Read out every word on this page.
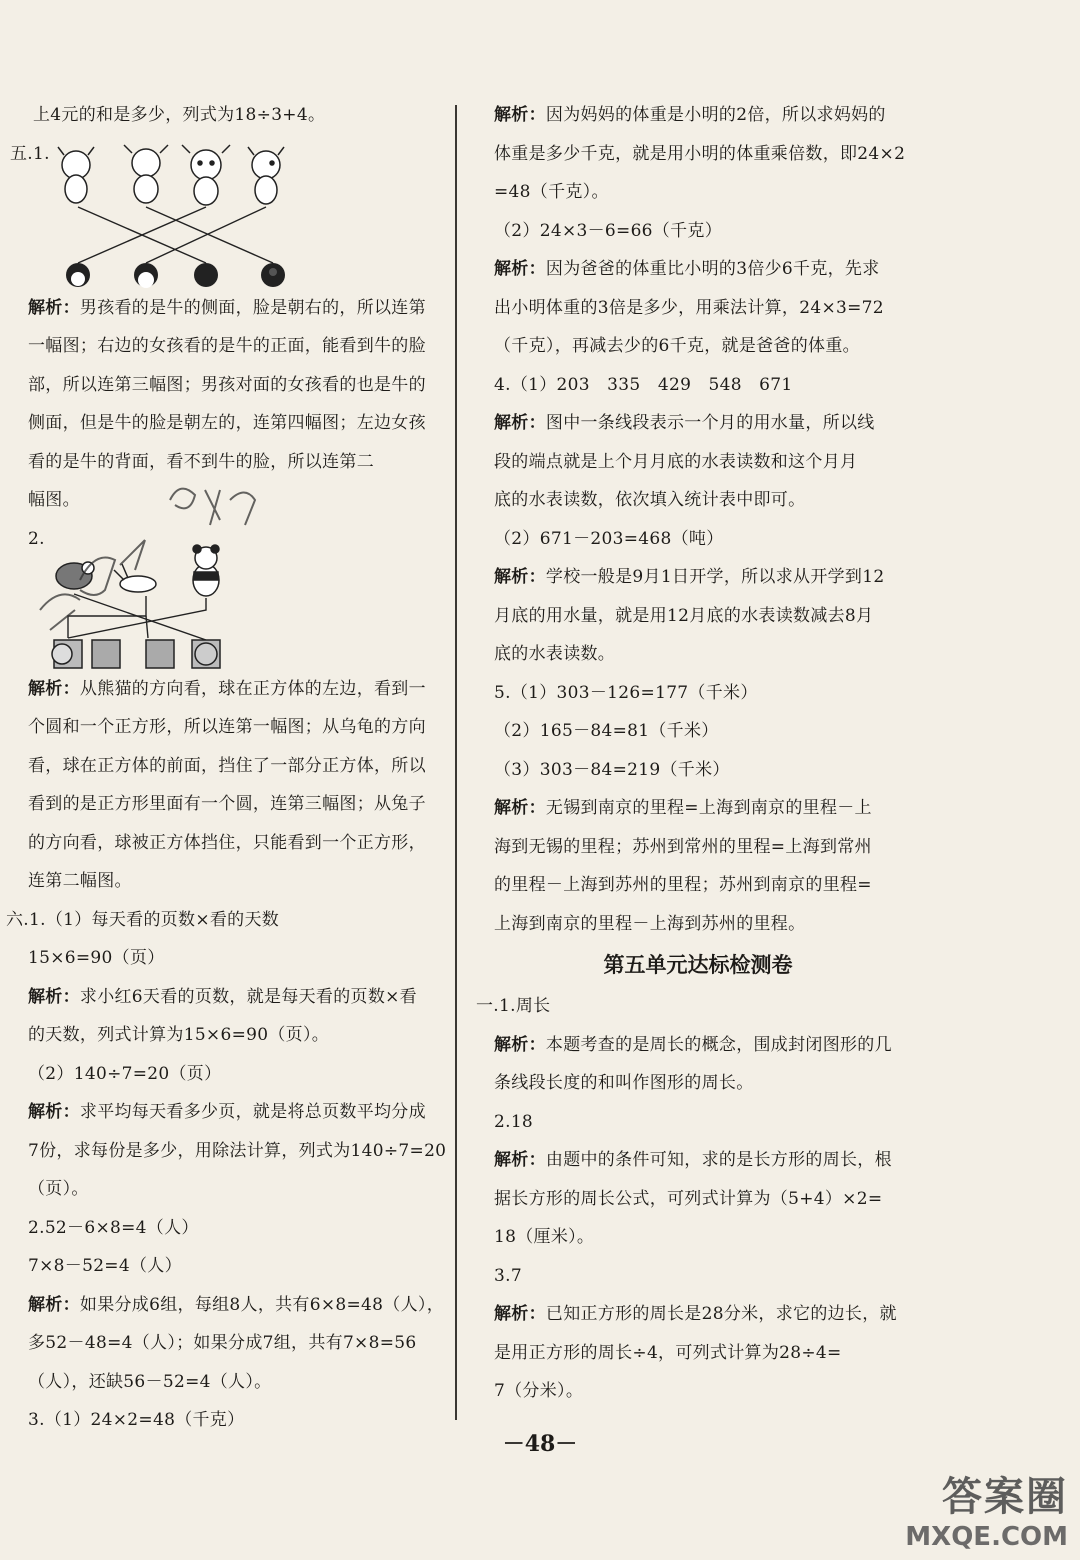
上4元的和是多少，列式为18÷3+4。
五.1.
解析：男孩看的是牛的侧面，脸是朝右的，所以连第
一幅图；右边的女孩看的是牛的正面，能看到牛的脸
部，所以连第三幅图；男孩对面的女孩看的也是牛的
侧面，但是牛的脸是朝左的，连第四幅图；左边女孩
看的是牛的背面，看不到牛的脸，所以连第二
幅图。
2.
解析：从熊猫的方向看，球在正方体的左边，看到一
个圆和一个正方形，所以连第一幅图；从乌龟的方向
看，球在正方体的前面，挡住了一部分正方体，所以
看到的是正方形里面有一个圆，连第三幅图；从兔子
的方向看，球被正方体挡住，只能看到一个正方形，
连第二幅图。
六.1.（1）每天看的页数×看的天数
15×6=90（页）
解析：求小红6天看的页数，就是每天看的页数×看
的天数，列式计算为15×6=90（页）。
（2）140÷7=20（页）
解析：求平均每天看多少页，就是将总页数平均分成
7份，求每份是多少，用除法计算，列式为140÷7=20
（页）。
2.52－6×8=4（人）
7×8－52=4（人）
解析：如果分成6组，每组8人，共有6×8=48（人），
多52－48=4（人）；如果分成7组，共有7×8=56
（人），还缺56－52=4（人）。
3.（1）24×2=48（千克）
解析：因为妈妈的体重是小明的2倍，所以求妈妈的
体重是多少千克，就是用小明的体重乘倍数，即24×2
=48（千克）。
（2）24×3－6=66（千克）
解析：因为爸爸的体重比小明的3倍少6千克，先求
出小明体重的3倍是多少，用乘法计算，24×3=72
（千克），再减去少的6千克，就是爸爸的体重。
4.（1）203　335　429　548　671
解析：图中一条线段表示一个月的用水量，所以线
段的端点就是上个月月底的水表读数和这个月月
底的水表读数，依次填入统计表中即可。
（2）671－203=468（吨）
解析：学校一般是9月1日开学，所以求从开学到12
月底的用水量，就是用12月底的水表读数减去8月
底的水表读数。
5.（1）303－126=177（千米）
（2）165－84=81（千米）
（3）303－84=219（千米）
解析：无锡到南京的里程=上海到南京的里程－上
海到无锡的里程；苏州到常州的里程=上海到常州
的里程－上海到苏州的里程；苏州到南京的里程=
上海到南京的里程－上海到苏州的里程。
第五单元达标检测卷
一.1.周长
解析：本题考查的是周长的概念，围成封闭图形的几
条线段长度的和叫作图形的周长。
2.18
解析：由题中的条件可知，求的是长方形的周长，根
据长方形的周长公式，可列式计算为（5+4）×2=
18（厘米）。
3.7
解析：已知正方形的周长是28分米，求它的边长，就
是用正方形的周长÷4，可列式计算为28÷4=
7（分米）。
－48－
答案圈
MXQE.COM
